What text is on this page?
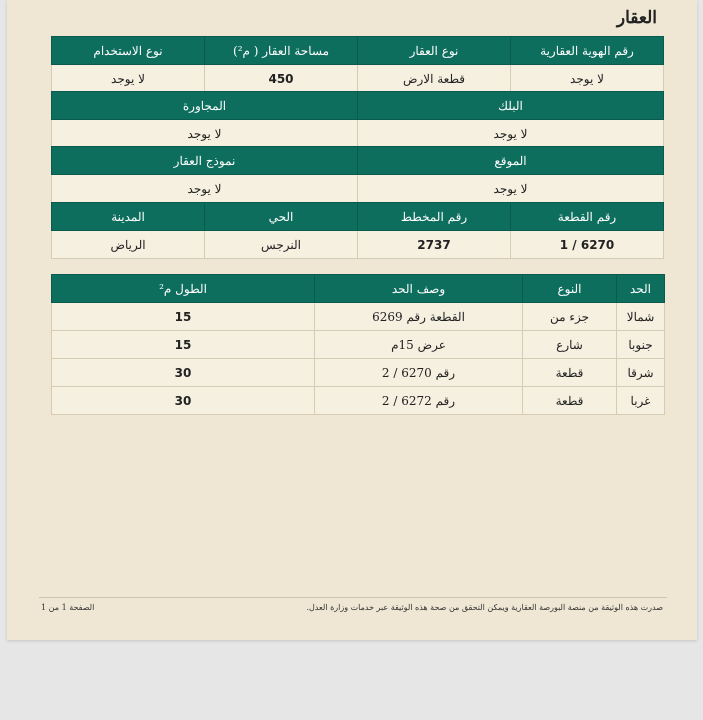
العقار
رقم الهوية العقارية	نوع العقار	مساحة العقار ( م²)	نوع الاستخدام
لا يوجد	قطعة الارض	450	لا يوجد
البلك	المجاورة
لا يوجد	لا يوجد
الموقع	نموذج العقار
لا يوجد	لا يوجد
رقم القطعة	رقم المخطط	الحي	المدينة
6270 / 1	2737	النرجس	الرياض
الحد	النوع	وصف الحد	الطول م²
شمالا	جزء من	القطعة رقم 6269	15
جنوبا	شارع	عرض 15م	15
شرقا	قطعة	رقم 6270 / 2	30
غربا	قطعة	رقم 6272 / 2	30
صدرت هذه الوثيقة من منصة البورصة العقارية ويمكن التحقق من صحة هذه الوثيقة عبر خدمات وزارة العدل.
الصفحة 1 من 1
